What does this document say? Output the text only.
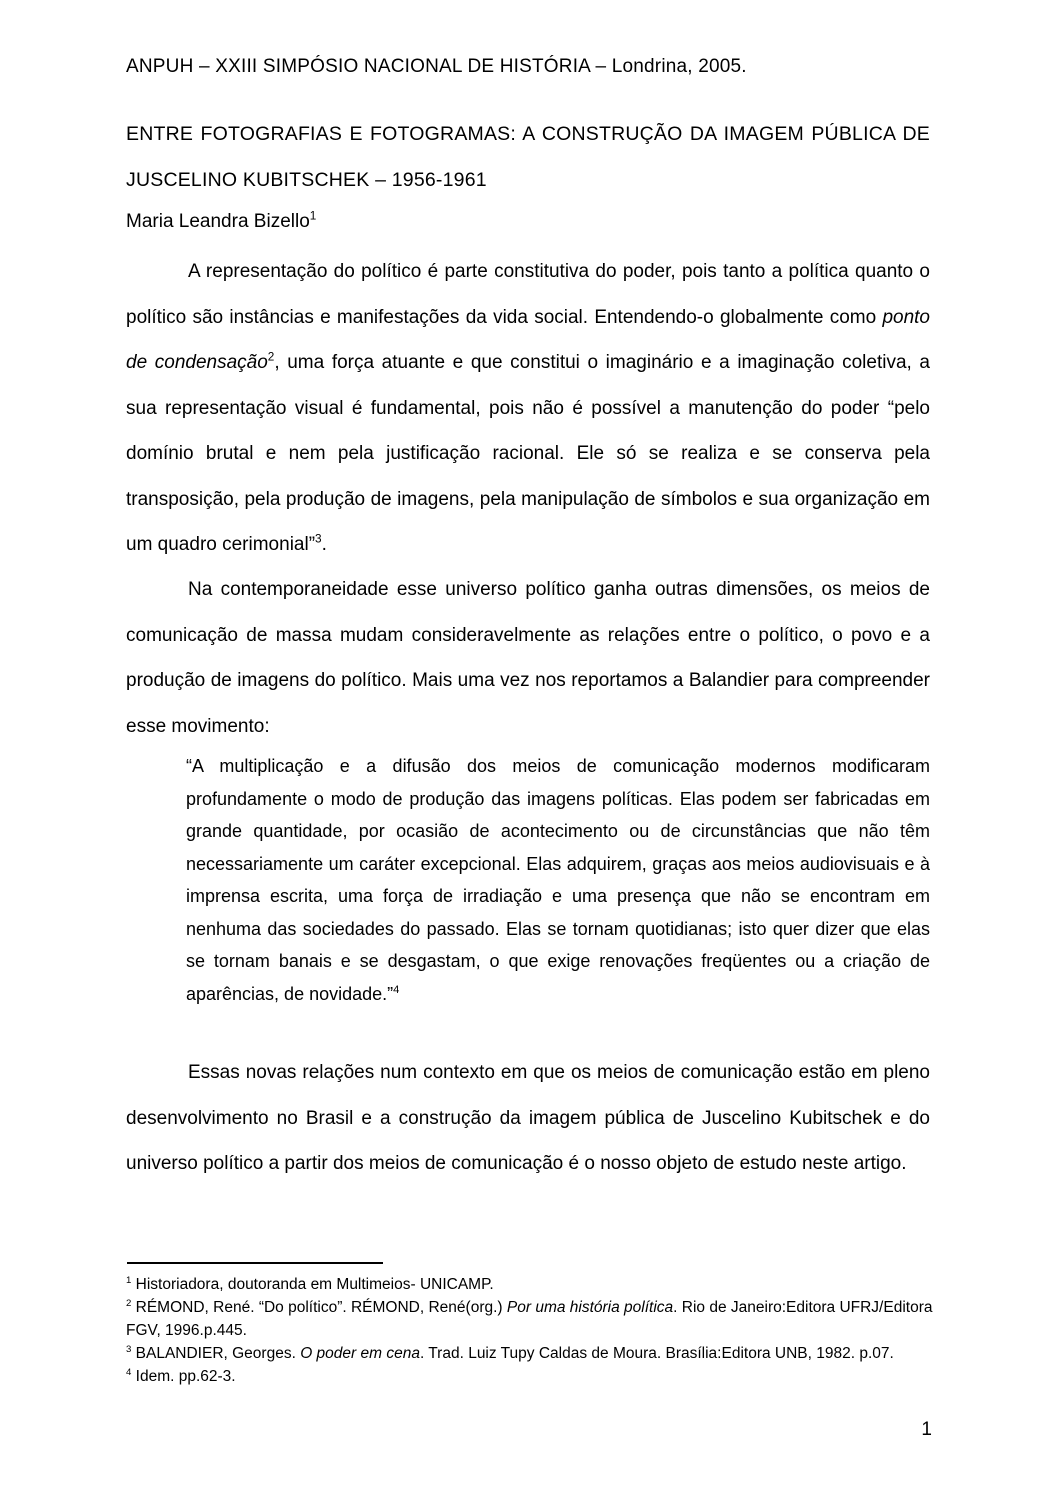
ANPUH – XXIII SIMPÓSIO NACIONAL DE HISTÓRIA – Londrina, 2005.
ENTRE FOTOGRAFIAS E FOTOGRAMAS: A CONSTRUÇÃO DA IMAGEM PÚBLICA DE
JUSCELINO KUBITSCHEK – 1956-1961
Maria Leandra Bizello$^1$

A representação do político é parte constitutiva do poder, pois tanto a política quanto o político são instâncias e manifestações da vida social. Entendendo-o globalmente como ponto de condensação$^2$, uma força atuante e que constitui o imaginário e a imaginação coletiva, a sua representação visual é fundamental, pois não é possível a manutenção do poder “pelo domínio brutal e nem pela justificação racional. Ele só se realiza e se conserva pela transposição, pela produção de imagens, pela manipulação de símbolos e sua organização em um quadro cerimonial”$^3$.

Na contemporaneidade esse universo político ganha outras dimensões, os meios de comunicação de massa mudam consideravelmente as relações entre o político, o povo e a produção de imagens do político. Mais uma vez nos reportamos a Balandier para compreender esse movimento:

“A multiplicação e a difusão dos meios de comunicação modernos modificaram profundamente o modo de produção das imagens políticas. Elas podem ser fabricadas em grande quantidade, por ocasião de acontecimento ou de circunstâncias que não têm necessariamente um caráter excepcional. Elas adquirem, graças aos meios audiovisuais e à imprensa escrita, uma força de irradiação e uma presença que não se encontram em nenhuma das sociedades do passado. Elas se tornam quotidianas; isto quer dizer que elas se tornam banais e se desgastam, o que exige renovações freqüentes ou a criação de aparências, de novidade.”$^4$

Essas novas relações num contexto em que os meios de comunicação estão em pleno desenvolvimento no Brasil e a construção da imagem pública de Juscelino Kubitschek e do universo político a partir dos meios de comunicação é o nosso objeto de estudo neste artigo.

$^1$ Historiadora, doutoranda em Multimeios- UNICAMP.

$^2$ RÉMOND, René. “Do político”. RÉMOND, René(org.) Por uma história política. Rio de Janeiro:Editora UFRJ/Editora FGV, 1996.p.445.

$^3$ BALANDIER, Georges. O poder em cena. Trad. Luiz Tupy Caldas de Moura. Brasília:Editora UNB, 1982. p.07.

$^4$ Idem. pp.62-3.

1
